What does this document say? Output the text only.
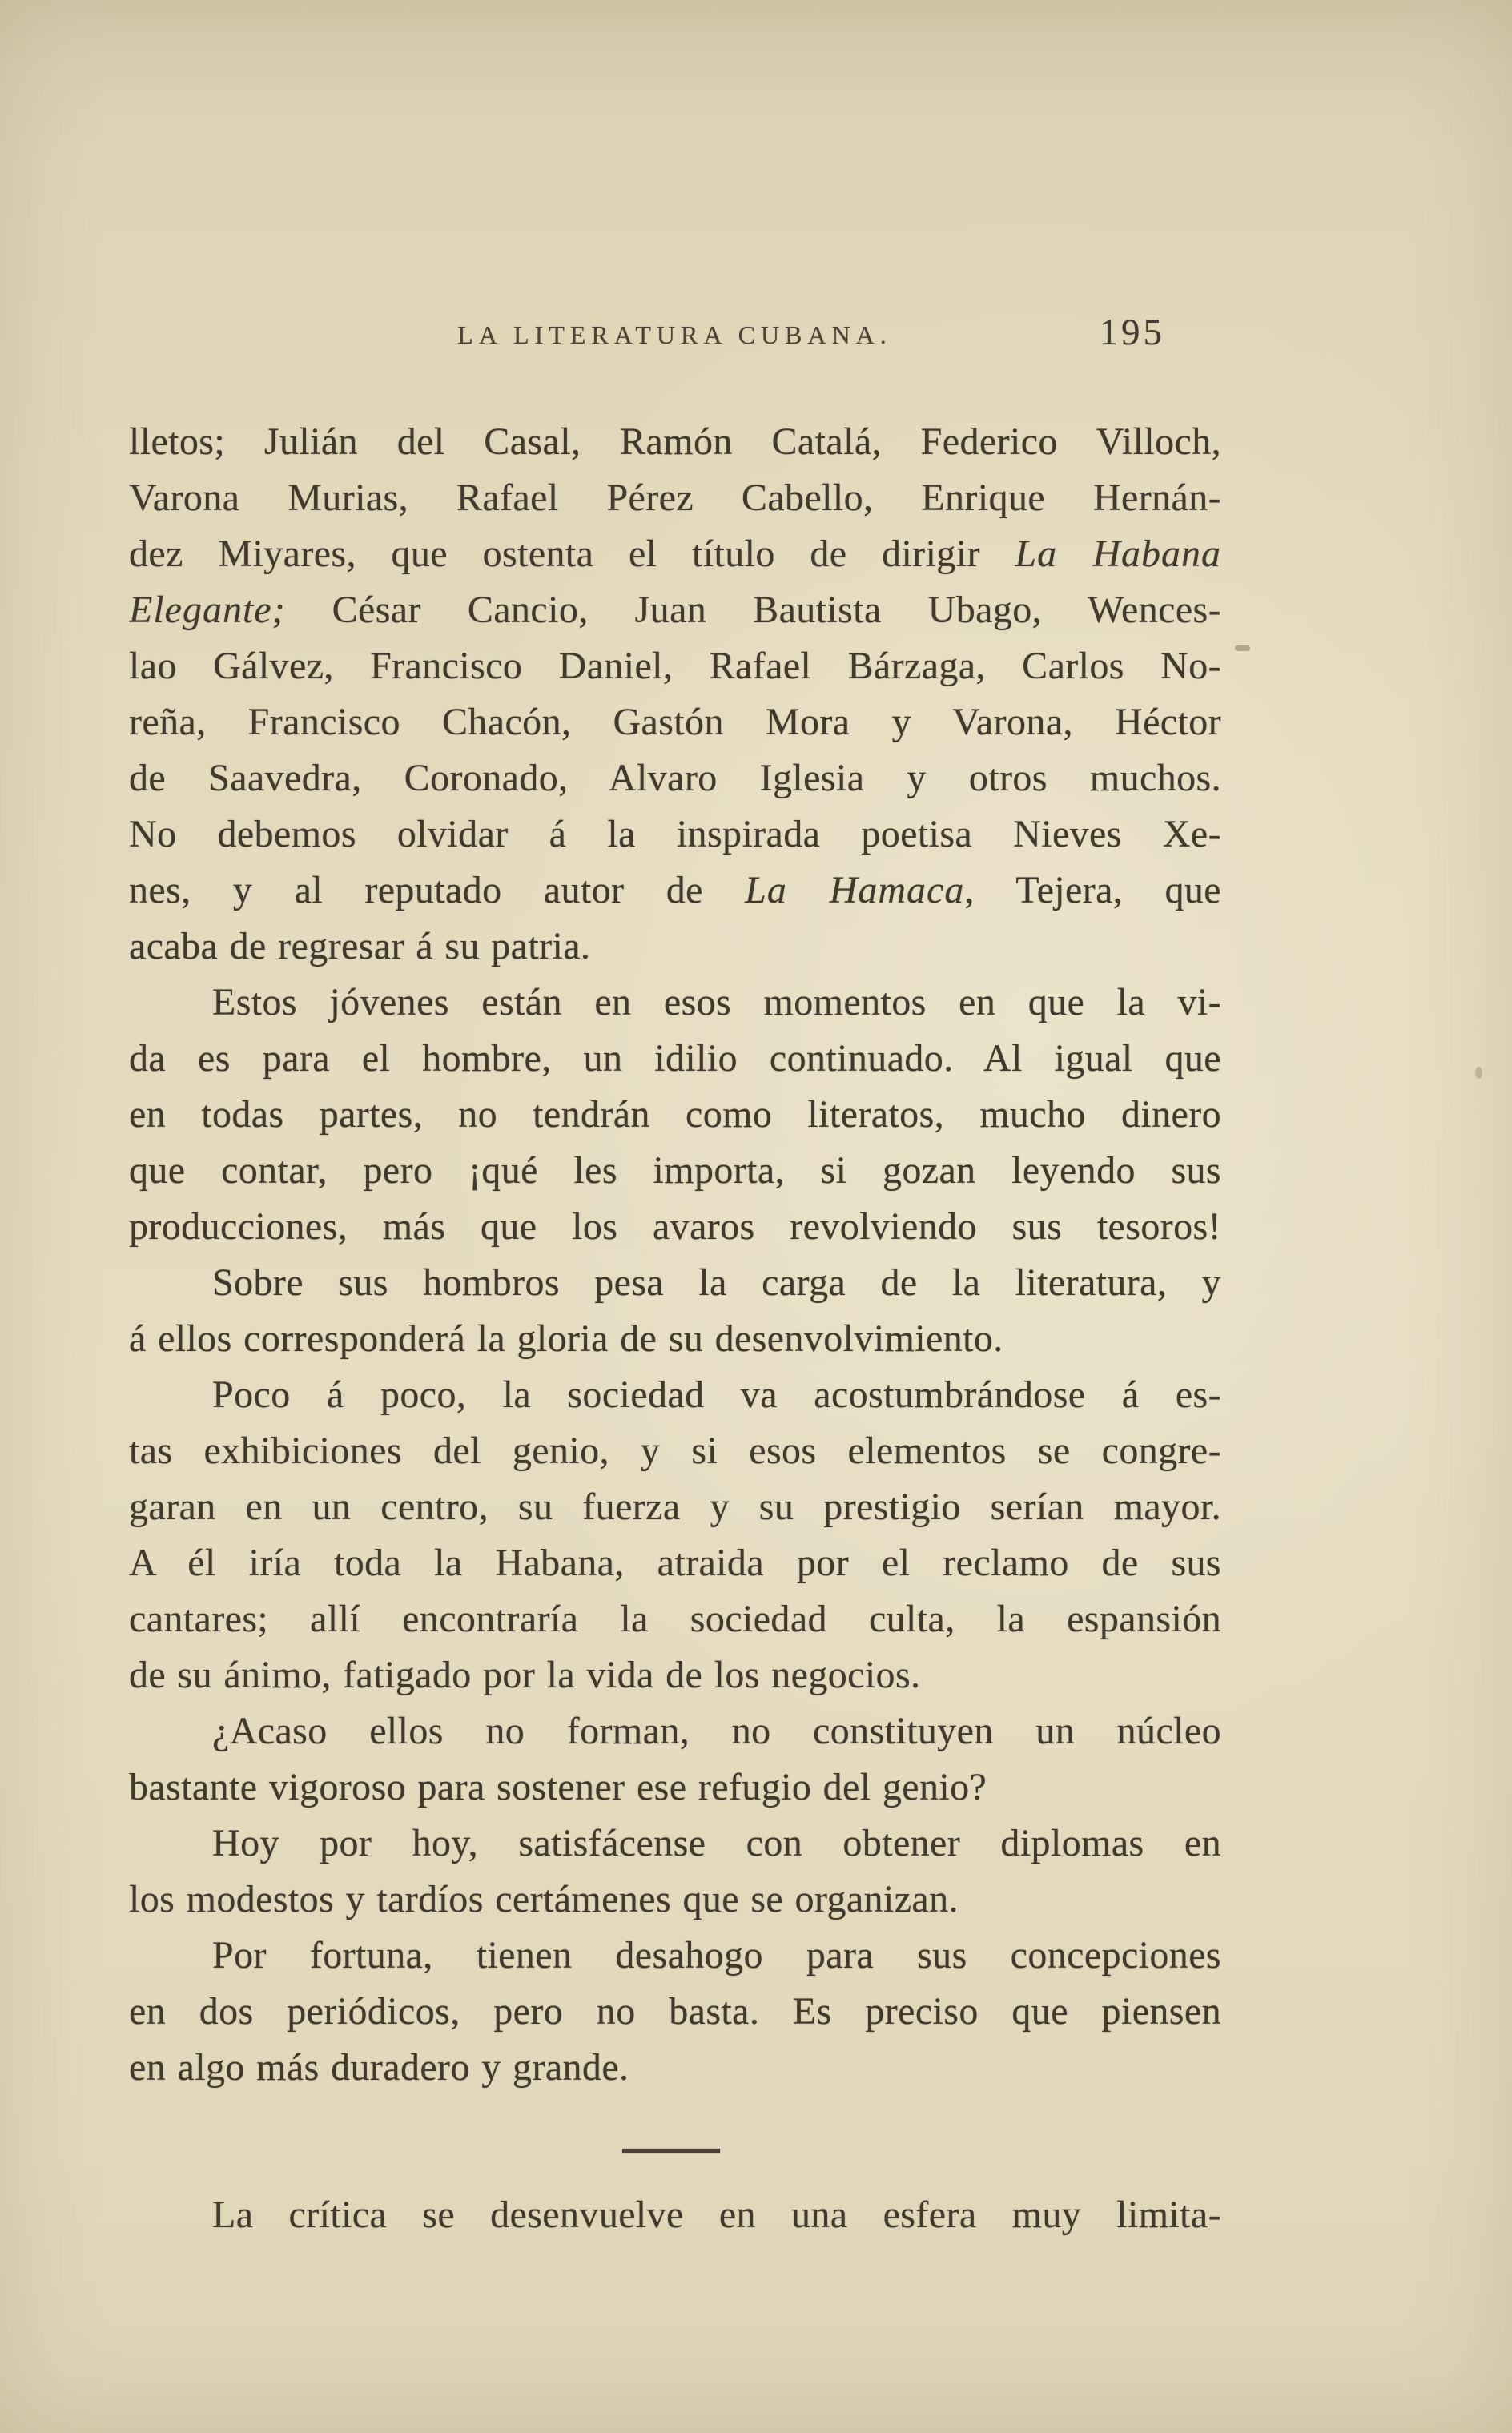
LA LITERATURA CUBANA.	195
lletos; Julián del Casal, Ramón Catalá, Federico Villoch,
Varona Murias, Rafael Pérez Cabello, Enrique Hernán-
dez Miyares, que ostenta el título de dirigir La Habana
Elegante; César Cancio, Juan Bautista Ubago, Wences-
lao Gálvez, Francisco Daniel, Rafael Bárzaga, Carlos No-
reña, Francisco Chacón, Gastón Mora y Varona, Héctor
de Saavedra, Coronado, Alvaro Iglesia y otros muchos.
No debemos olvidar á la inspirada poetisa Nieves Xe-
nes, y al reputado autor de La Hamaca, Tejera, que
acaba de regresar á su patria.
Estos jóvenes están en esos momentos en que la vi-
da es para el hombre, un idilio continuado. Al igual que
en todas partes, no tendrán como literatos, mucho dinero
que contar, pero ¡qué les importa, si gozan leyendo sus
producciones, más que los avaros revolviendo sus tesoros!
Sobre sus hombros pesa la carga de la literatura, y
á ellos corresponderá la gloria de su desenvolvimiento.
Poco á poco, la sociedad va acostumbrándose á es-
tas exhibiciones del genio, y si esos elementos se congre-
garan en un centro, su fuerza y su prestigio serían mayor.
A él iría toda la Habana, atraida por el reclamo de sus
cantares; allí encontraría la sociedad culta, la espansión
de su ánimo, fatigado por la vida de los negocios.
¿Acaso ellos no forman, no constituyen un núcleo
bastante vigoroso para sostener ese refugio del genio?
Hoy por hoy, satisfácense con obtener diplomas en
los modestos y tardíos certámenes que se organizan.
Por fortuna, tienen desahogo para sus concepciones
en dos periódicos, pero no basta. Es preciso que piensen
en algo más duradero y grande.
La crítica se desenvuelve en una esfera muy limita-
